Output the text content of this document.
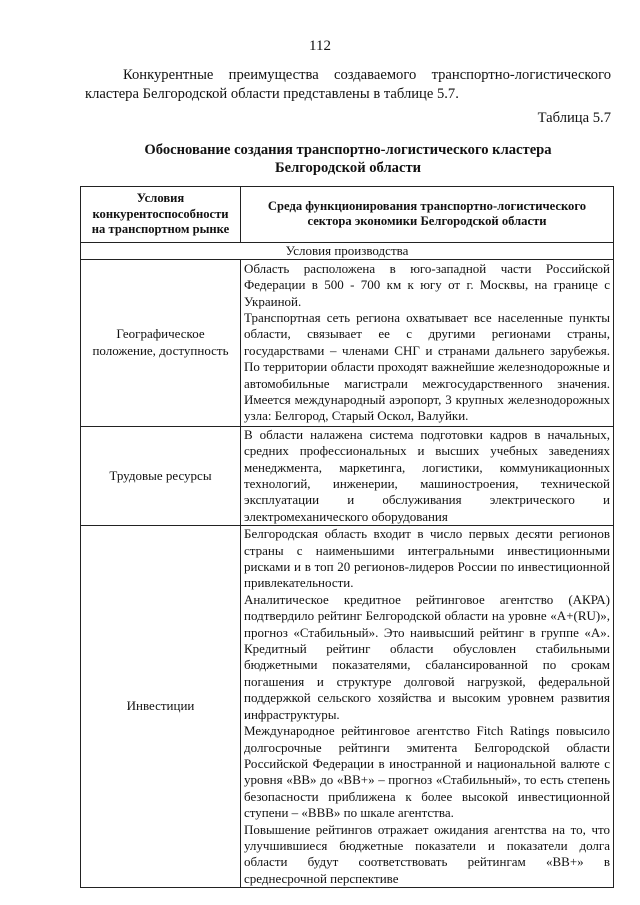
112
Конкурентные преимущества создаваемого транспортно-логистического кластера Белгородской области представлены в таблице 5.7.
Таблица 5.7
Обоснование создания транспортно-логистического кластера
Белгородской области
Условия конкурентоспособности на транспортном рынке	Среда функционирования транспортно-логистического сектора экономики Белгородской области
Условия производства	
Географическое положение, доступность	Область расположена в юго-западной части Российской Федерации в 500 - 700 км к югу от г. Москвы, на границе с Украиной.

Транспортная сеть региона охватывает все населенные пункты области, связывает ее с другими регионами страны, государствами – членами СНГ и странами дальнего зарубежья. По территории области проходят важнейшие железнодорожные и автомобильные магистрали межгосударственного значения. Имеется международный аэропорт, 3 крупных железнодорожных узла: Белгород, Старый Оскол, Валуйки.

Трудовые ресурсы	В области налажена система подготовки кадров в начальных, средних профессиональных и высших учебных заведениях менеджмента, маркетинга, логистики, коммуникационных технологий, инженерии, машиностроения, технической эксплуатации и обслуживания электрического и электромеханического оборудования

Инвестиции	Белгородская область входит в число первых десяти регионов страны с наименьшими интегральными инвестиционными рисками и в топ 20 регионов-лидеров России по инвестиционной привлекательности.

Аналитическое кредитное рейтинговое агентство (АКРА) подтвердило рейтинг Белгородской области на уровне «A+(RU)», прогноз «Стабильный». Это наивысший рейтинг в группе «А». Кредитный рейтинг области обусловлен стабильными бюджетными показателями, сбалансированной по срокам погашения и структуре долговой нагрузкой, федеральной поддержкой сельского хозяйства и высоким уровнем развития инфраструктуры.

Международное рейтинговое агентство Fitch Ratings повысило долгосрочные рейтинги эмитента Белгородской области Российской Федерации в иностранной и национальной валюте с уровня «BB» до «BB+» – прогноз «Стабильный», то есть степень безопасности приближена к более высокой инвестиционной ступени – «BBB» по шкале агентства.

Повышение рейтингов отражает ожидания агентства на то, что улучшившиеся бюджетные показатели и показатели долга области будут соответствовать рейтингам «BB+» в среднесрочной перспективе
